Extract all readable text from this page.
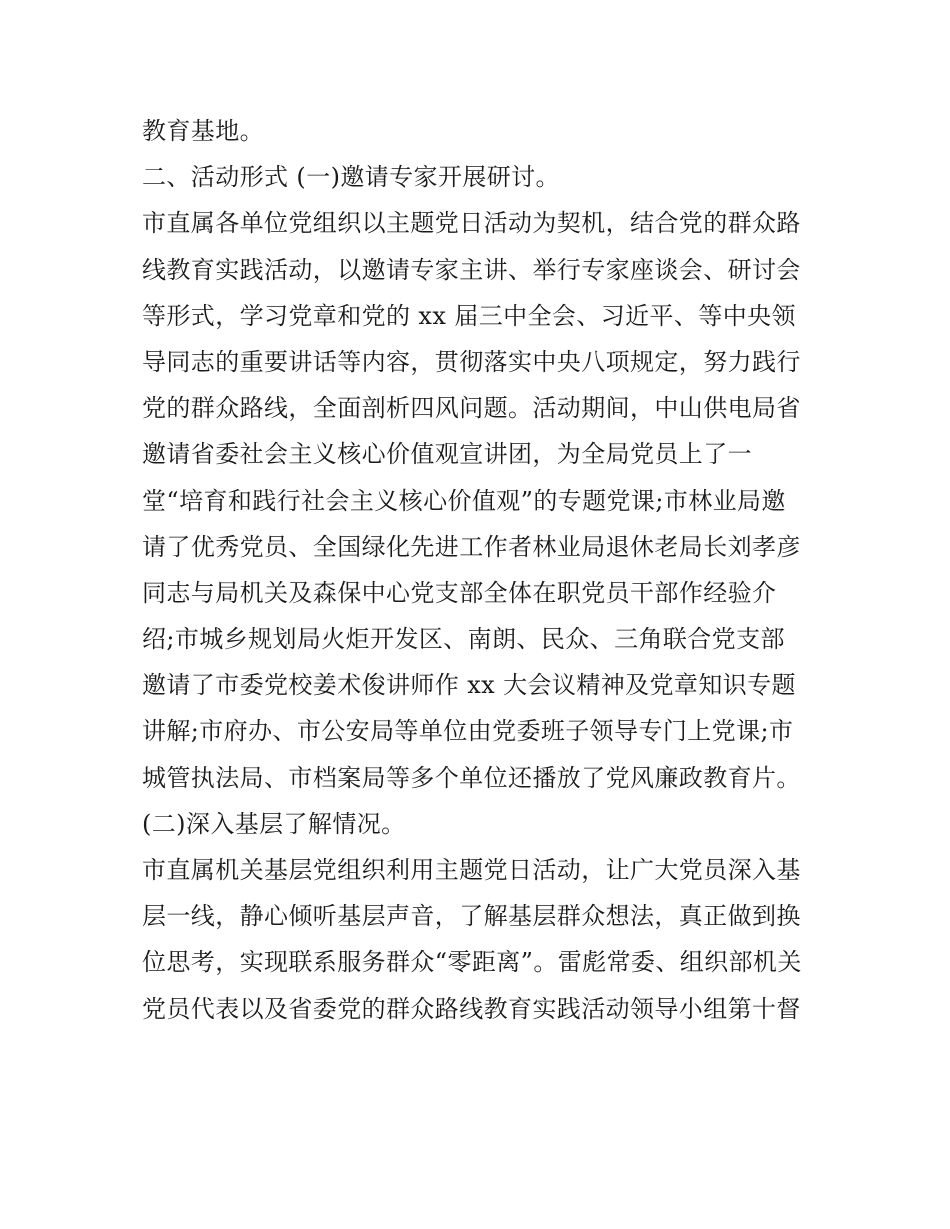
教育基地。
二、活动形式 (一)邀请专家开展研讨。
市直属各单位党组织以主题党日活动为契机，结合党的群众路
线教育实践活动，以邀请专家主讲、举行专家座谈会、研讨会
等形式，学习党章和党的 xx 届三中全会、习近平、等中央领
导同志的重要讲话等内容，贯彻落实中央八项规定，努力践行
党的群众路线，全面剖析四风问题。活动期间，中山供电局省
邀请省委社会主义核心价值观宣讲团，为全局党员上了一
堂“培育和践行社会主义核心价值观”的专题党课;市林业局邀
请了优秀党员、全国绿化先进工作者林业局退休老局长刘孝彦
同志与局机关及森保中心党支部全体在职党员干部作经验介
绍;市城乡规划局火炬开发区、南朗、民众、三角联合党支部
邀请了市委党校姜术俊讲师作 xx 大会议精神及党章知识专题
讲解;市府办、市公安局等单位由党委班子领导专门上党课;市
城管执法局、市档案局等多个单位还播放了党风廉政教育片。
(二)深入基层了解情况。
市直属机关基层党组织利用主题党日活动，让广大党员深入基
层一线，静心倾听基层声音，了解基层群众想法，真正做到换
位思考，实现联系服务群众“零距离”。雷彪常委、组织部机关
党员代表以及省委党的群众路线教育实践活动领导小组第十督
